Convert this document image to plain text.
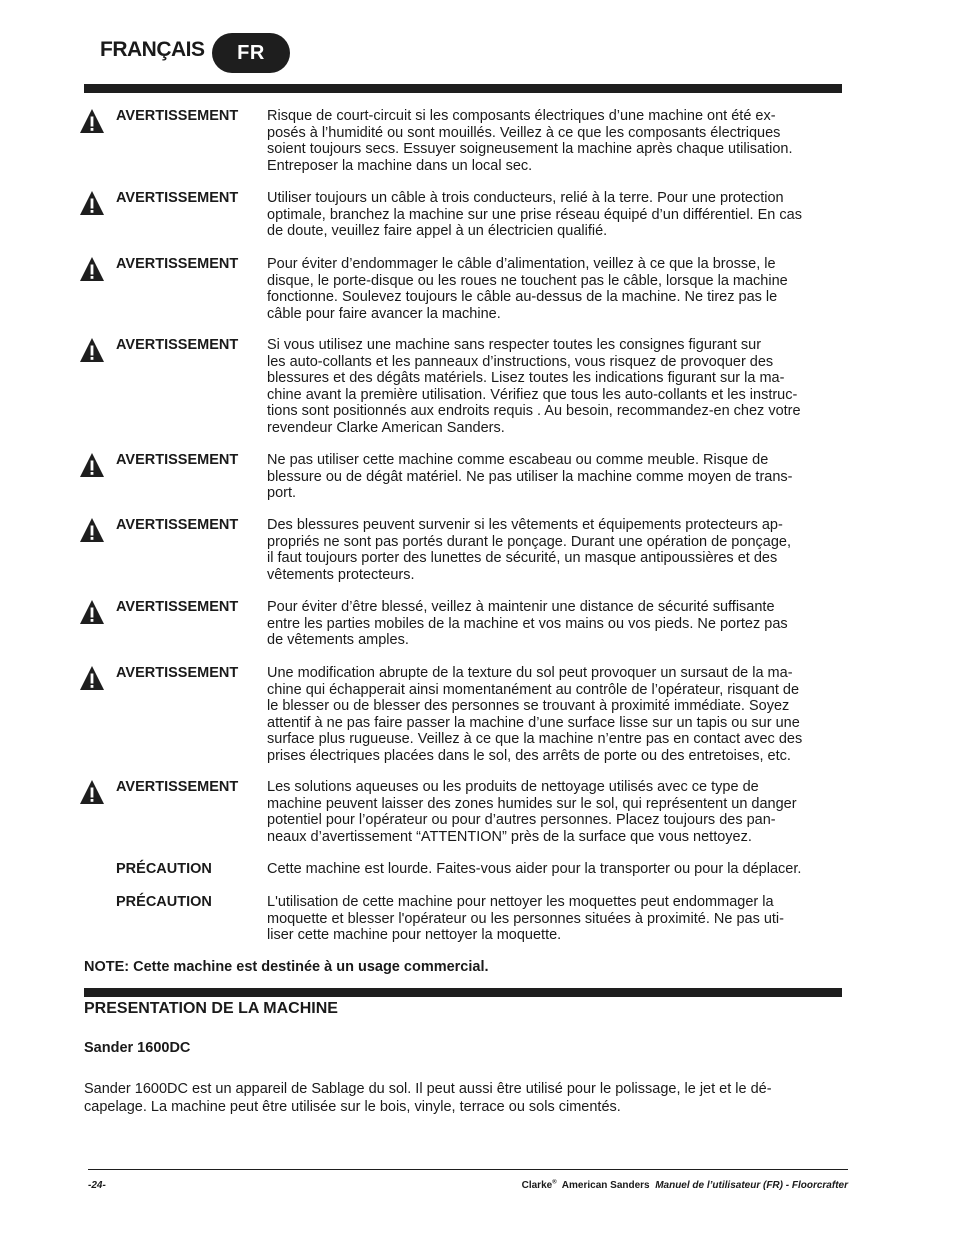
FRANÇAIS	FR
AVERTISSEMENT Risque de court-circuit si les composants électriques d’une machine ont été ex-
posés à l’humidité ou sont mouillés. Veillez à ce que les composants électriques
soient toujours secs. Essuyer soigneusement la machine après chaque utilisation.
Entreposer la machine dans un local sec.
AVERTISSEMENT Utiliser toujours un câble à trois conducteurs, relié à la terre. Pour une protection
optimale, branchez la machine sur une prise réseau équipé d’un différentiel. En cas
de doute, veuillez faire appel à un électricien qualifié.
AVERTISSEMENT Pour éviter d’endommager le câble d’alimentation, veillez à ce que la brosse, le
disque, le porte-disque ou les roues ne touchent pas le câble, lorsque la machine
fonctionne. Soulevez toujours le câble au-dessus de la machine. Ne tirez pas le
câble pour faire avancer la machine.
AVERTISSEMENT Si vous utilisez une machine sans respecter toutes les consignes figurant sur
les auto-collants et les panneaux d’instructions, vous risquez de provoquer des
blessures et des dégâts matériels. Lisez toutes les indications figurant sur la ma-
chine avant la première utilisation. Vérifiez que tous les auto-collants et les instruc-
tions sont positionnés aux endroits requis . Au besoin, recommandez-en chez votre
revendeur Clarke American Sanders.
AVERTISSEMENT Ne pas utiliser cette machine comme escabeau ou comme meuble. Risque de
blessure ou de dégât matériel. Ne pas utiliser la machine comme moyen de trans-
port.
AVERTISSEMENT Des blessures peuvent survenir si les vêtements et équipements protecteurs ap-
propriés ne sont pas portés durant le ponçage. Durant une opération de ponçage,
il faut toujours porter des lunettes de sécurité, un masque antipoussières et des
vêtements protecteurs.
AVERTISSEMENT Pour éviter d’être blessé, veillez à maintenir une distance de sécurité suffisante
entre les parties mobiles de la machine et vos mains ou vos pieds. Ne portez pas
de vêtements amples.
AVERTISSEMENT Une modification abrupte de la texture du sol peut provoquer un sursaut de la ma-
chine qui échapperait ainsi momentanément au contrôle de l’opérateur, risquant de
le blesser ou de blesser des personnes se trouvant à proximité immédiate. Soyez
attentif à ne pas faire passer la machine d’une surface lisse sur un tapis ou sur une
surface plus rugueuse. Veillez à ce que la machine n’entre pas en contact avec des
prises électriques placées dans le sol, des arrêts de porte ou des entretoises, etc.
AVERTISSEMENT Les solutions aqueuses ou les produits de nettoyage utilisés avec ce type de
machine peuvent laisser des zones humides sur le sol, qui représentent un danger
potentiel pour l’opérateur ou pour d’autres personnes. Placez toujours des pan-
neaux d’avertissement “ATTENTION” près de la surface que vous nettoyez.
PRÉCAUTION	Cette machine est lourde. Faites-vous aider pour la transporter ou pour la déplacer.
PRÉCAUTION	L'utilisation de cette machine pour nettoyer les moquettes peut endommager la
moquette et blesser l'opérateur ou les personnes situées à proximité. Ne pas uti-
liser cette machine pour nettoyer la moquette.
NOTE: Cette machine est destinée à un usage commercial.
PRESENTATION DE LA MACHINE
Sander 1600DC
Sander 1600DC est un appareil de Sablage du sol. Il peut aussi être utilisé pour le polissage, le jet et le dé-
capelage. La machine peut être utilisée sur le bois, vinyle, terrace ou sols cimentés.
-24-	Clarke® American Sanders Manuel de l’utilisateur (FR) - Floorcrafter
